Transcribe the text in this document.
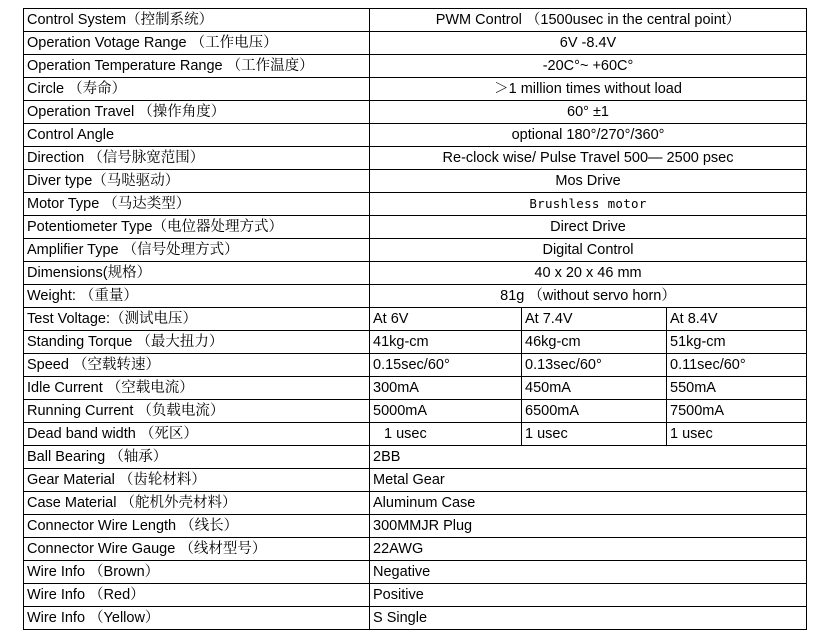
Control System（控制系统）	PWM Control （1500usec in the central point）		
Operation Votage Range （工作电压）	6V -8.4V		
Operation Temperature Range （工作温度）	-20C°~ +60C°		
Circle （寿命）	＞1 million times without load		
Operation Travel （操作角度）	60° ±1		
Control Angle	optional 180°/270°/360°		
Direction （信号脉宽范围）	Re-clock wise/ Pulse Travel 500— 2500 psec		
Diver type（马哒驱动）	Mos Drive		
Motor Type （马达类型）	Brushless motor		
Potentiometer Type（电位器处理方式）	Direct Drive		
Amplifier Type （信号处理方式）	Digital Control		
Dimensions(规格）	40 x 20 x 46 mm		
Weight: （重量）	81g （without servo horn）		
Test Voltage:（测试电压）	At 6V	At 7.4V	At 8.4V
Standing Torque （最大扭力）	41kg-cm	46kg-cm	51kg-cm
Speed （空载转速）	0.15sec/60°	0.13sec/60°	0.11sec/60°
Idle Current （空载电流）	300mA	450mA	550mA
Running Current （负载电流）	5000mA	6500mA	7500mA
Dead band width （死区）	1 usec	1 usec	1 usec
Ball Bearing （轴承）	2BB		
Gear Material （齿轮材料）	Metal Gear		
Case Material （舵机外壳材料）	Aluminum Case		
Connector Wire Length （线长）	300MMJR Plug		
Connector Wire Gauge （线材型号）	22AWG		
Wire Info （Brown）	Negative		
Wire Info （Red）	Positive		
Wire Info （Yellow）	S Single		
